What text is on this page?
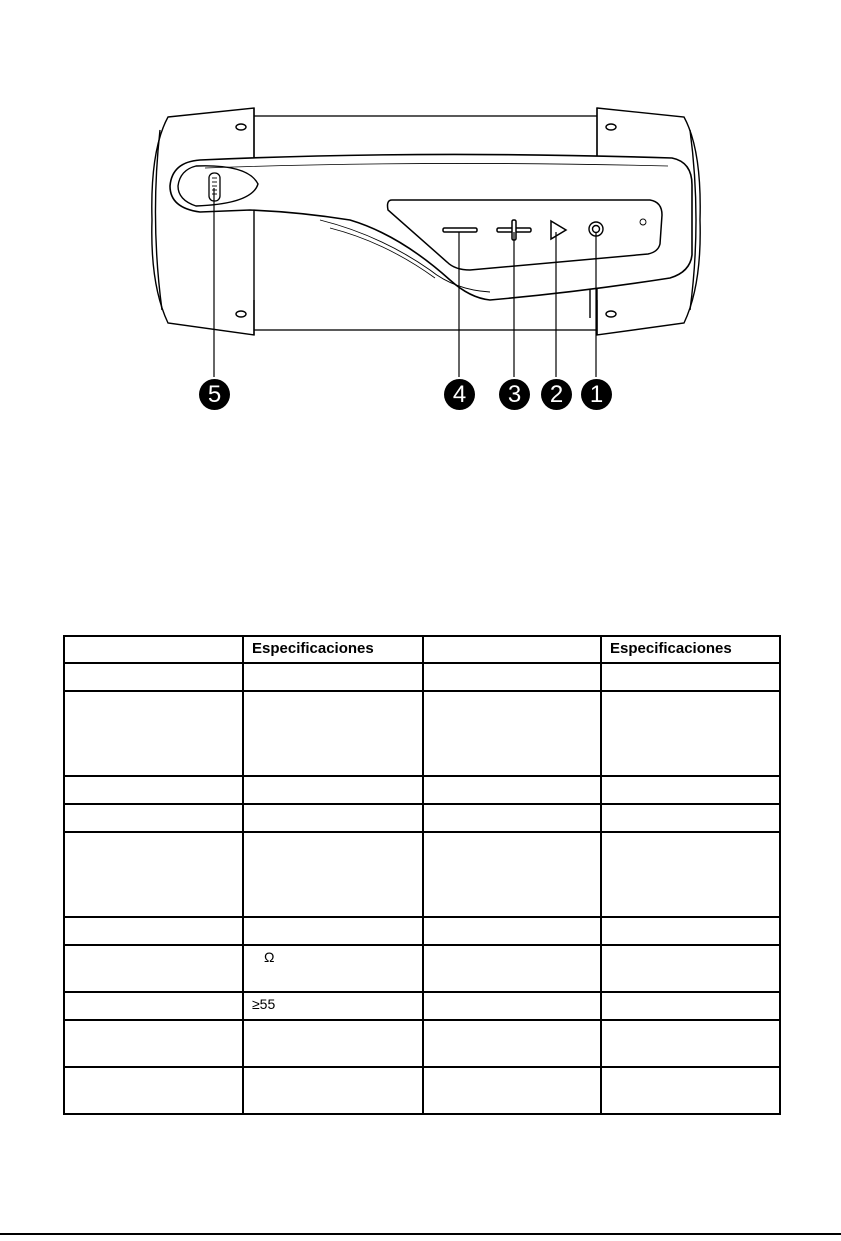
5	4	3	2	1
	Especificaciones		Especificaciones

	Ω		
	≥55		
